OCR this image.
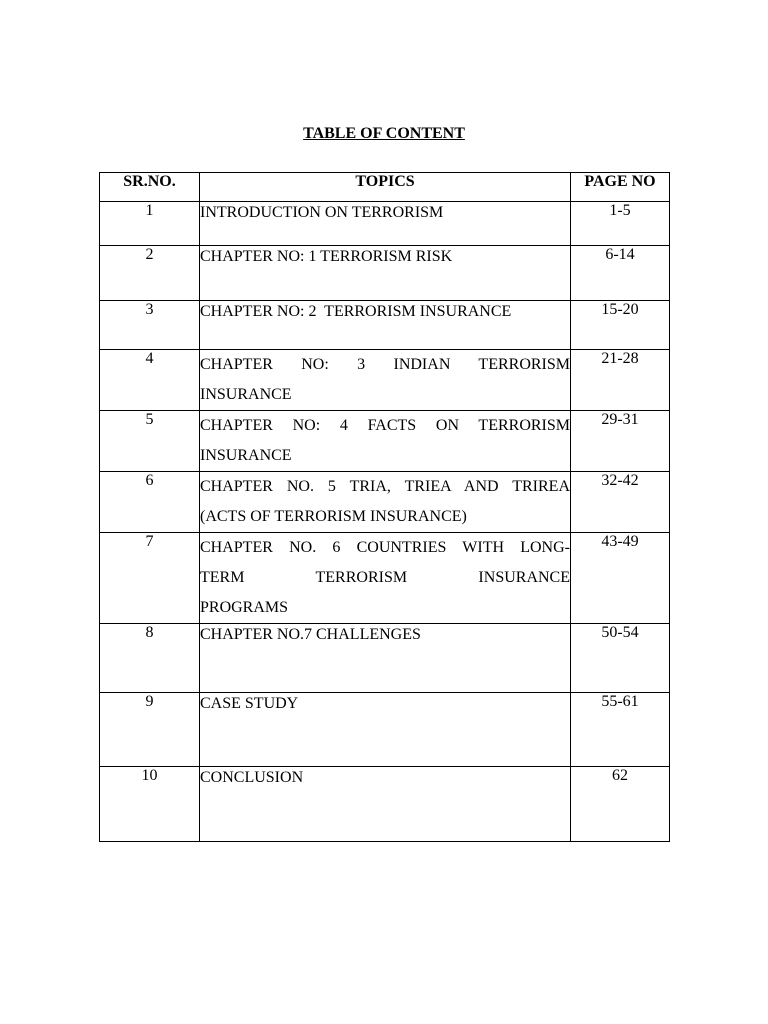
TABLE OF CONTENT
SR.NO.	TOPICS	PAGE NO
1	INTRODUCTION ON TERRORISM	1-5
2	CHAPTER NO: 1 TERRORISM RISK	6-14
3	CHAPTER NO: 2  TERRORISM INSURANCE	15-20
4	CHAPTER NO: 3 INDIAN TERRORISM
INSURANCE	21-28
5	CHAPTER NO: 4 FACTS ON TERRORISM
INSURANCE	29-31
6	CHAPTER NO. 5 TRIA, TRIEA AND TRIREA
(ACTS OF TERRORISM INSURANCE)	32-42
7	CHAPTER NO. 6 COUNTRIES WITH LONG-
TERM TERRORISM INSURANCE
PROGRAMS	43-49
8	CHAPTER NO.7 CHALLENGES	50-54
9	CASE STUDY	55-61
10	CONCLUSION	62
